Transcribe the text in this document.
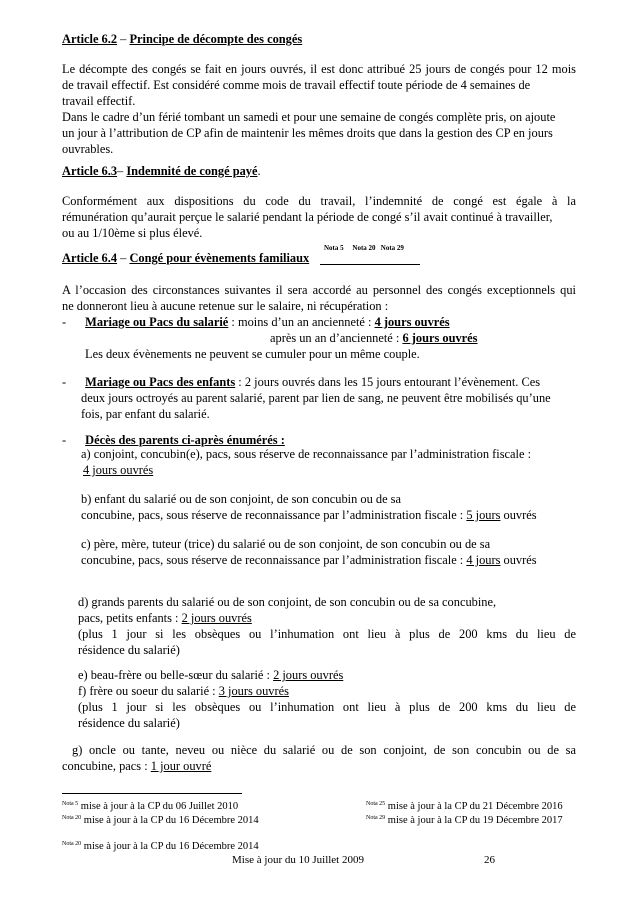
Article 6.2 – Principe de décompte des congés
Le décompte des congés se fait en jours ouvrés, il est donc attribué 25 jours de congés pour 12 mois
de travail effectif. Est considéré comme mois de travail effectif toute période de 4 semaines de
travail effectif.
Dans le cadre d’un férié tombant un samedi et pour une semaine de congés complète pris, on ajoute
un jour à l’attribution de CP afin de maintenir les mêmes droits que dans la gestion des CP en jours
ouvrables.
Article 6.3– Indemnité de congé payé.
Conformément aux dispositions du code du travail, l’indemnité de congé est égale à la
rémunération qu’aurait perçue le salarié pendant la période de congé s’il avait continué à travailler,
ou au 1/10ème si plus élevé.
Article 6.4 – Congé pour évènements familiaux
Nota 5 Nota 20 Nota 29
A l’occasion des circonstances suivantes il sera accordé au personnel des congés exceptionnels qui
ne donneront lieu à aucune retenue sur le salaire, ni récupération :
- Mariage ou Pacs du salarié : moins d’un an ancienneté : 4 jours ouvrés
après un an d’ancienneté : 6 jours ouvrés
Les deux évènements ne peuvent se cumuler pour un même couple.
- Mariage ou Pacs des enfants : 2 jours ouvrés dans les 15 jours entourant l’évènement. Ces
deux jours octroyés au parent salarié, parent par lien de sang, ne peuvent être mobilisés qu’une
fois, par enfant du salarié.
- Décès des parents ci-après énumérés :
a) conjoint, concubin(e), pacs, sous réserve de reconnaissance par l’administration fiscale :
4 jours ouvrés
b) enfant du salarié ou de son conjoint, de son concubin ou de sa
concubine, pacs, sous réserve de reconnaissance par l’administration fiscale : 5 jours ouvrés
c) père, mère, tuteur (trice) du salarié ou de son conjoint, de son concubin ou de sa
concubine, pacs, sous réserve de reconnaissance par l’administration fiscale : 4 jours ouvrés
d) grands parents du salarié ou de son conjoint, de son concubin ou de sa concubine,
pacs, petits enfants : 2 jours ouvrés
(plus 1 jour si les obsèques ou l’inhumation ont lieu à plus de 200 kms du lieu de
résidence du salarié)
e) beau-frère ou belle-sœur du salarié : 2 jours ouvrés
f) frère ou soeur du salarié : 3 jours ouvrés
(plus 1 jour si les obsèques ou l’inhumation ont lieu à plus de 200 kms du lieu de
résidence du salarié)
g) oncle ou tante, neveu ou nièce du salarié ou de son conjoint, de son concubin ou de sa
concubine, pacs : 1 jour ouvré
$^{Nota 5}$ mise à jour à la CP du 06 Juillet 2010
$^{Nota 20}$ mise à jour à la CP du 16 Décembre 2014
$^{Nota 25}$ mise à jour à la CP du 21 Décembre 2016
$^{Nota 29}$ mise à jour à la CP du 19 Décembre 2017
$^{Nota 20}$ mise à jour à la CP du 16 Décembre 2014
Mise à jour du 10 Juillet 2009	26
